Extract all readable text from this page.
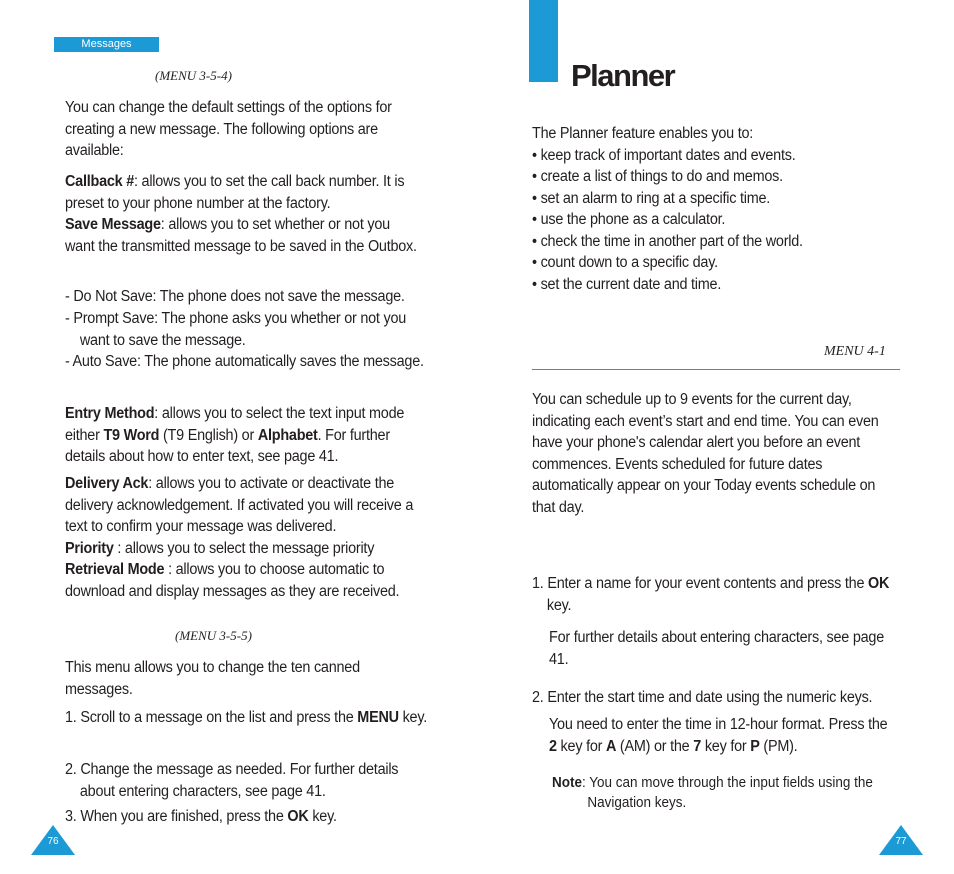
Messages
(MENU 3-5-4)
You can change the default settings of the options for creating a new message. The following options are available:
Callback #: allows you to set the call back number. It is preset to your phone number at the factory.
Save Message: allows you to set whether or not you want the transmitted message to be saved in the Outbox.
- Do Not Save: The phone does not save the message.
- Prompt Save: The phone asks you whether or not you want to save the message.
- Auto Save: The phone automatically saves the message.
Entry Method: allows you to select the text input mode either T9 Word (T9 English) or Alphabet. For further details about how to enter text, see page 41.
Delivery Ack: allows you to activate or deactivate the delivery acknowledgement. If activated you will receive a text to confirm your message was delivered.
Priority : allows you to select the message priority
Retrieval Mode : allows you to choose automatic to download and display messages as they are received.
(MENU 3-5-5)
This menu allows you to change the ten canned messages.
1. Scroll to a message on the list and press the MENU key.
2. Change the message as needed. For further details about entering characters, see page 41.
3. When you are finished, press the OK key.
76
Planner
The Planner feature enables you to:
• keep track of important dates and events.
• create a list of things to do and memos.
• set an alarm to ring at a specific time.
• use the phone as a calculator.
• check the time in another part of the world.
• count down to a specific day.
• set the current date and time.
MENU 4-1
You can schedule up to 9 events for the current day, indicating each event’s start and end time. You can even have your phone's calendar alert you before an event commences. Events scheduled for future dates automatically appear on your Today events schedule on that day.
1. Enter a name for your event contents and press the OK key.
For further details about entering characters, see page 41.
2. Enter the start time and date using the numeric keys.
You need to enter the time in 12-hour format. Press the 2 key for A (AM) or the 7 key for P (PM).
Note: You can move through the input fields using the Navigation keys.
77
